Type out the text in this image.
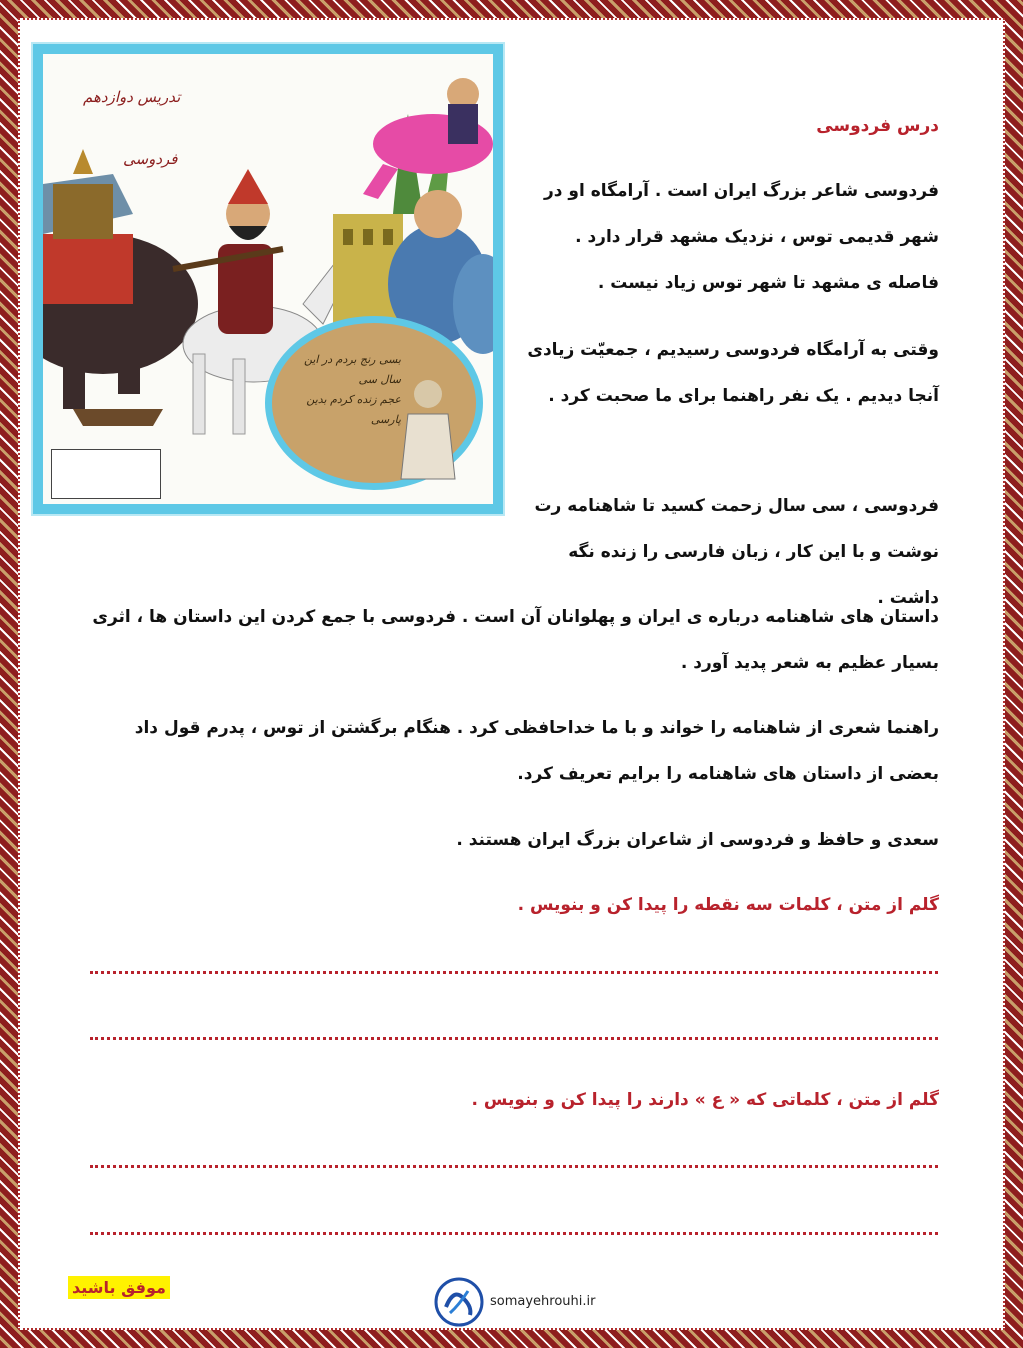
تدریس دوازدهم
فردوسی
بسی رنج بردم در این سال سی
عجم زنده کردم بدین پارسی
درس فردوسی
فردوسی شاعر بزرگ ایران است . آرامگاه او در شهر قدیمی توس ، نزدیک مشهد قرار دارد . فاصله ی مشهد تا شهر توس زیاد نیست .
وقتی به آرامگاه فردوسی رسیدیم ، جمعیّت زیادی آنجا دیدیم . یک نفر راهنما برای ما صحبت کرد .
فردوسی ، سی سال زحمت کسید تا شاهنامه رت نوشت و با این کار ، زبان فارسی را زنده نگه داشت .
داستان های شاهنامه درباره ی ایران و پهلوانان آن است . فردوسی با جمع کردن این داستان ها ، اثری بسیار عظیم به شعر پدید آورد .
راهنما شعری از شاهنامه را خواند و با ما خداحافظی کرد . هنگام برگشتن از توس ، پدرم قول داد بعضی از داستان های شاهنامه را برایم تعریف کرد.
سعدی و حافظ و فردوسی از شاعران بزرگ ایران هستند .
گلم از متن ، کلمات سه نقطه را پیدا کن و بنویس .
گلم از متن ، کلماتی که « ع » دارند را پیدا کن و بنویس .
موفق باشید
somayehrouhi.ir
